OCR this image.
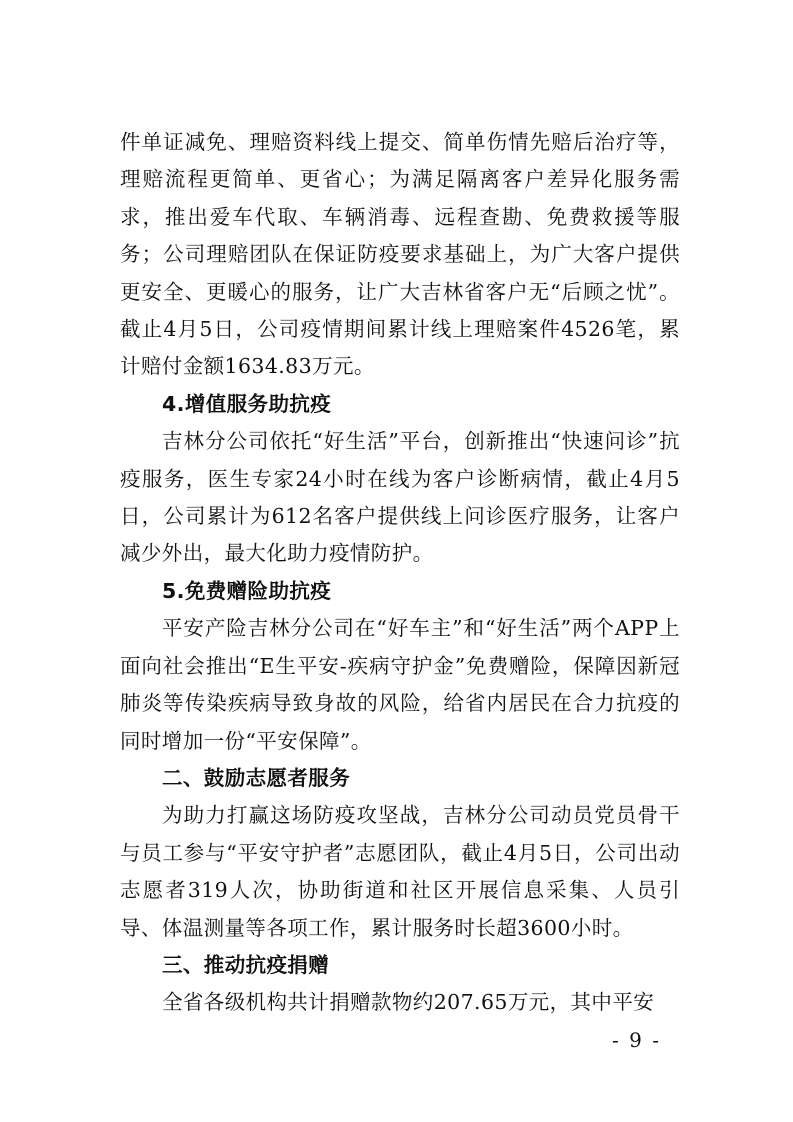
件单证减免、理赔资料线上提交、简单伤情先赔后治疗等，理赔流程更简单、更省心；为满足隔离客户差异化服务需求，推出爱车代取、车辆消毒、远程查勘、免费救援等服务；公司理赔团队在保证防疫要求基础上，为广大客户提供更安全、更暖心的服务，让广大吉林省客户无“后顾之忧”。截止4月5日，公司疫情期间累计线上理赔案件4526笔，累计赔付金额1634.83万元。

4.增值服务助抗疫

吉林分公司依托“好生活”平台，创新推出“快速问诊”抗疫服务，医生专家24小时在线为客户诊断病情，截止4月5日，公司累计为612名客户提供线上问诊医疗服务，让客户减少外出，最大化助力疫情防护。

5.免费赠险助抗疫

平安产险吉林分公司在“好车主”和“好生活”两个APP上面向社会推出“E生平安-疾病守护金”免费赠险，保障因新冠肺炎等传染疾病导致身故的风险，给省内居民在合力抗疫的同时增加一份“平安保障”。

二、鼓励志愿者服务

为助力打赢这场防疫攻坚战，吉林分公司动员党员骨干与员工参与“平安守护者”志愿团队，截止4月5日，公司出动志愿者319人次，协助街道和社区开展信息采集、人员引导、体温测量等各项工作，累计服务时长超3600小时。

三、推动抗疫捐赠

全省各级机构共计捐赠款物约207.65万元，其中平安

- 9 -
